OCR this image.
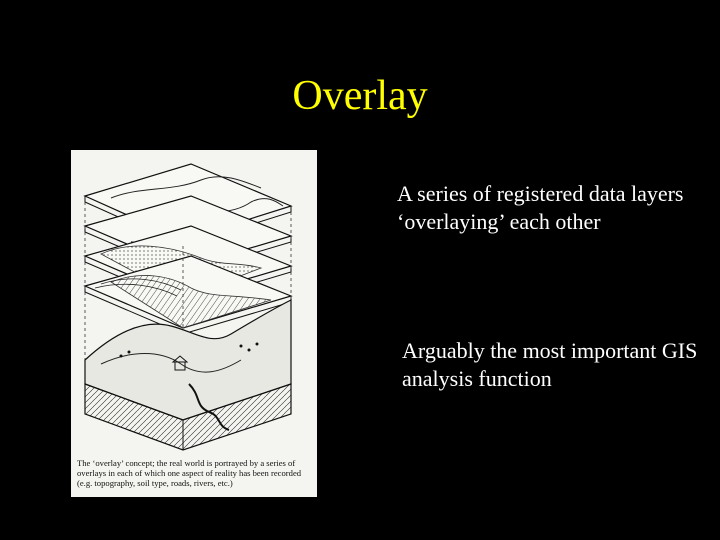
Overlay
The ‘overlay’ concept; the real world is portrayed by a series of overlays in each of which one aspect of reality has been recorded (e.g. topography, soil type, roads, rivers, etc.)
A series of registered data layers ‘overlaying’ each other
Arguably the most important GIS analysis function
